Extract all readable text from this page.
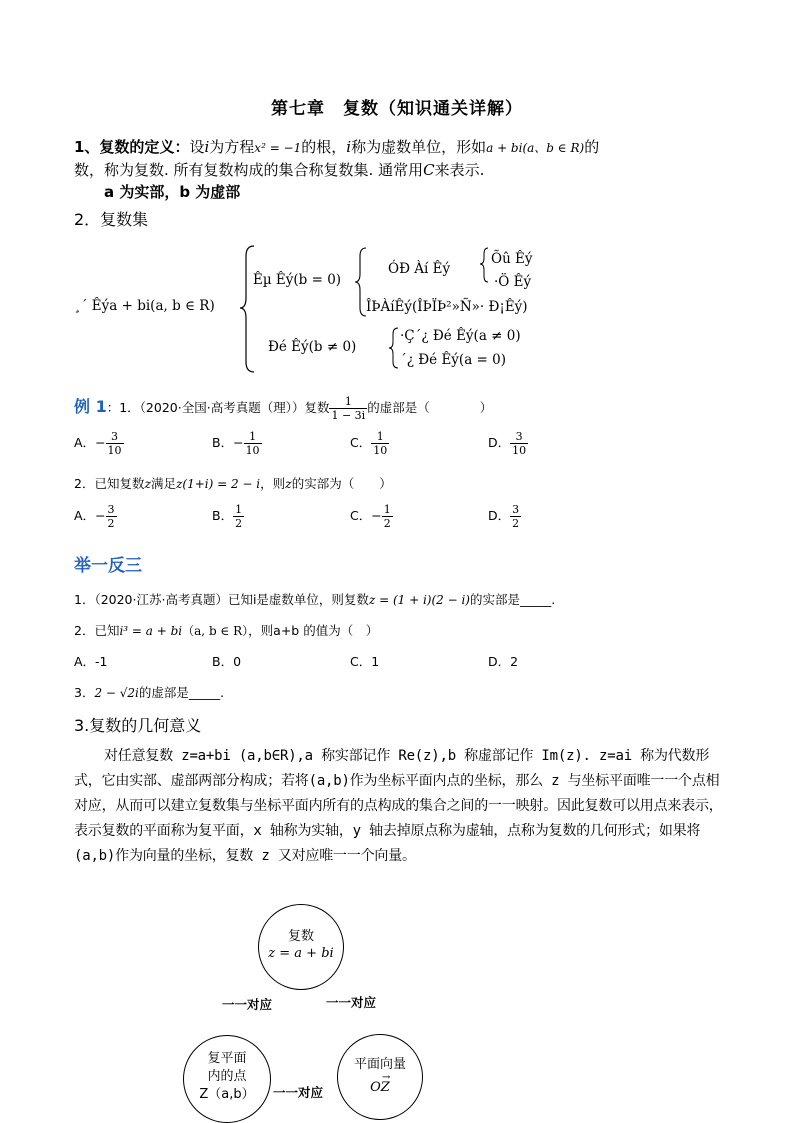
第七章　复数（知识通关详解）
1、复数的定义：设i为方程x² = −1的根，i称为虚数单位，形如a + bi(a、b ∈ R)的
数，称为复数. 所有复数构成的集合称复数集. 通常用C来表示.
a 为实部，b 为虚部
2．复数集
¸´ Êýa + bi(a, b ∈ R)
Êµ Êý(b = 0)
ÓÐ Àí Êý
Õû Êý
·Ö Êý
ÎÞÀíÊý(ÎÞÏÞ²»Ñ»· Ð¡Êý)
Ðé Êý(b ≠ 0)
·Ç´¿ Ðé Êý(a ≠ 0)
´¿ Ðé Êý(a = 0)
例 1：1．（2020·全国·高考真题（理））复数 $\frac{1}{1 - 3i}$ 的虚部是（　　　　）
A．− $\frac{3}{10}$	B．− $\frac{1}{10}$	C． $\frac{1}{10}$	D． $\frac{3}{10}$
2．已知复数z满足z(1+i) = 2 − i，则z的实部为（　　）
A．− $\frac{3}{2}$	B． $\frac{1}{2}$	C．− $\frac{1}{2}$	D． $\frac{3}{2}$
举一反三
1．（2020·江苏·高考真题）已知i是虚数单位，则复数z = (1 + i)(2 − i)的实部是_____.
2．已知i³ = a + bi（a, b ∈ R），则a+b 的值为（　）
A．-1	B．0	C．1	D．2
3．2 − √2i的虚部是_____.
3.复数的几何意义
对任意复数 z=a+bi (a,b∈R),a 称实部记作 Re(z),b 称虚部记作 Im(z). z=ai 称为代数形式，它由实部、虚部两部分构成；若将(a,b)作为坐标平面内点的坐标，那么 z 与坐标平面唯一一个点相对应，从而可以建立复数集与坐标平面内所有的点构成的集合之间的一一映射。因此复数可以用点来表示，表示复数的平面称为复平面，x 轴称为实轴，y 轴去掉原点称为虚轴，点称为复数的几何形式；如果将(a,b)作为向量的坐标，复数 z 又对应唯一一个向量。
复数
z = a + bi
一一对应	一一对应
复平面
内的点
Z（a,b）	一一对应
平面向量
→
OZ
